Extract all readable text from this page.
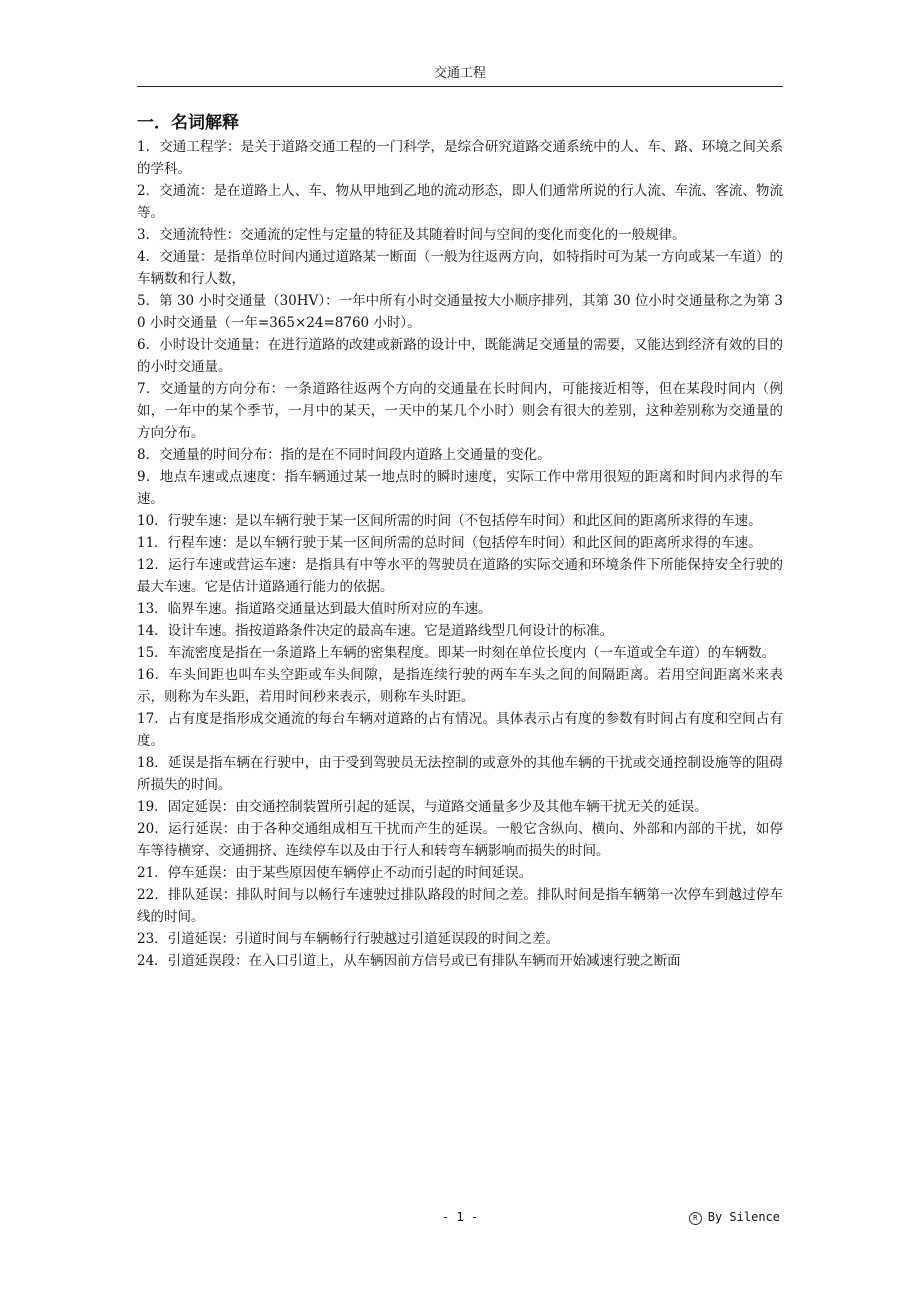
交通工程
一．名词解释

1．交通工程学：是关于道路交通工程的一门科学，是综合研究道路交通系统中的人、车、路、环境之间关系的学科。

2．交通流：是在道路上人、车、物从甲地到乙地的流动形态，即人们通常所说的行人流、车流、客流、物流等。

3．交通流特性：交通流的定性与定量的特征及其随着时间与空间的变化而变化的一般规律。

4．交通量：是指单位时间内通过道路某一断面（一般为往返两方向，如特指时可为某一方向或某一车道）的车辆数和行人数，

5．第 30 小时交通量（30HV）：一年中所有小时交通量按大小顺序排列，其第 30 位小时交通量称之为第 30 小时交通量（一年=365×24=8760 小时）。

6．小时设计交通量：在进行道路的改建或新路的设计中，既能满足交通量的需要，又能达到经济有效的目的的小时交通量。

7．交通量的方向分布：一条道路往返两个方向的交通量在长时间内，可能接近相等，但在某段时间内（例如，一年中的某个季节，一月中的某天，一天中的某几个小时）则会有很大的差别，这种差别称为交通量的方向分布。

8．交通量的时间分布：指的是在不同时间段内道路上交通量的变化。

9．地点车速或点速度：指车辆通过某一地点时的瞬时速度，实际工作中常用很短的距离和时间内求得的车速。

10．行驶车速：是以车辆行驶于某一区间所需的时间（不包括停车时间）和此区间的距离所求得的车速。

11．行程车速：是以车辆行驶于某一区间所需的总时间（包括停车时间）和此区间的距离所求得的车速。

12．运行车速或营运车速：是指具有中等水平的驾驶员在道路的实际交通和环境条件下所能保持安全行驶的最大车速。它是估计道路通行能力的依据。

13．临界车速。指道路交通量达到最大值时所对应的车速。

14．设计车速。指按道路条件决定的最高车速。它是道路线型几何设计的标准。

15．车流密度是指在一条道路上车辆的密集程度。即某一时刻在单位长度内（一车道或全车道）的车辆数。

16．车头间距也叫车头空距或车头间隙，是指连续行驶的两车车头之间的间隔距离。若用空间距离米来表示，则称为车头距，若用时间秒来表示，则称车头时距。

17．占有度是指形成交通流的每台车辆对道路的占有情况。具体表示占有度的参数有时间占有度和空间占有度。

18．延误是指车辆在行驶中，由于受到驾驶员无法控制的或意外的其他车辆的干扰或交通控制设施等的阻碍所损失的时间。

19．固定延误：由交通控制装置所引起的延误，与道路交通量多少及其他车辆干扰无关的延误。

20．运行延误：由于各种交通组成相互干扰而产生的延误。一般它含纵向、横向、外部和内部的干扰，如停车等待横穿、交通拥挤、连续停车以及由于行人和转弯车辆影响而损失的时间。

21．停车延误：由于某些原因使车辆停止不动而引起的时间延误。

22．排队延误：排队时间与以畅行车速驶过排队路段的时间之差。排队时间是指车辆第一次停车到越过停车线的时间。

23．引道延误：引道时间与车辆畅行行驶越过引道延误段的时间之差。

24．引道延误段：在入口引道上，从车辆因前方信号或已有排队车辆而开始减速行驶之断面

- 1 -	R By Silence
